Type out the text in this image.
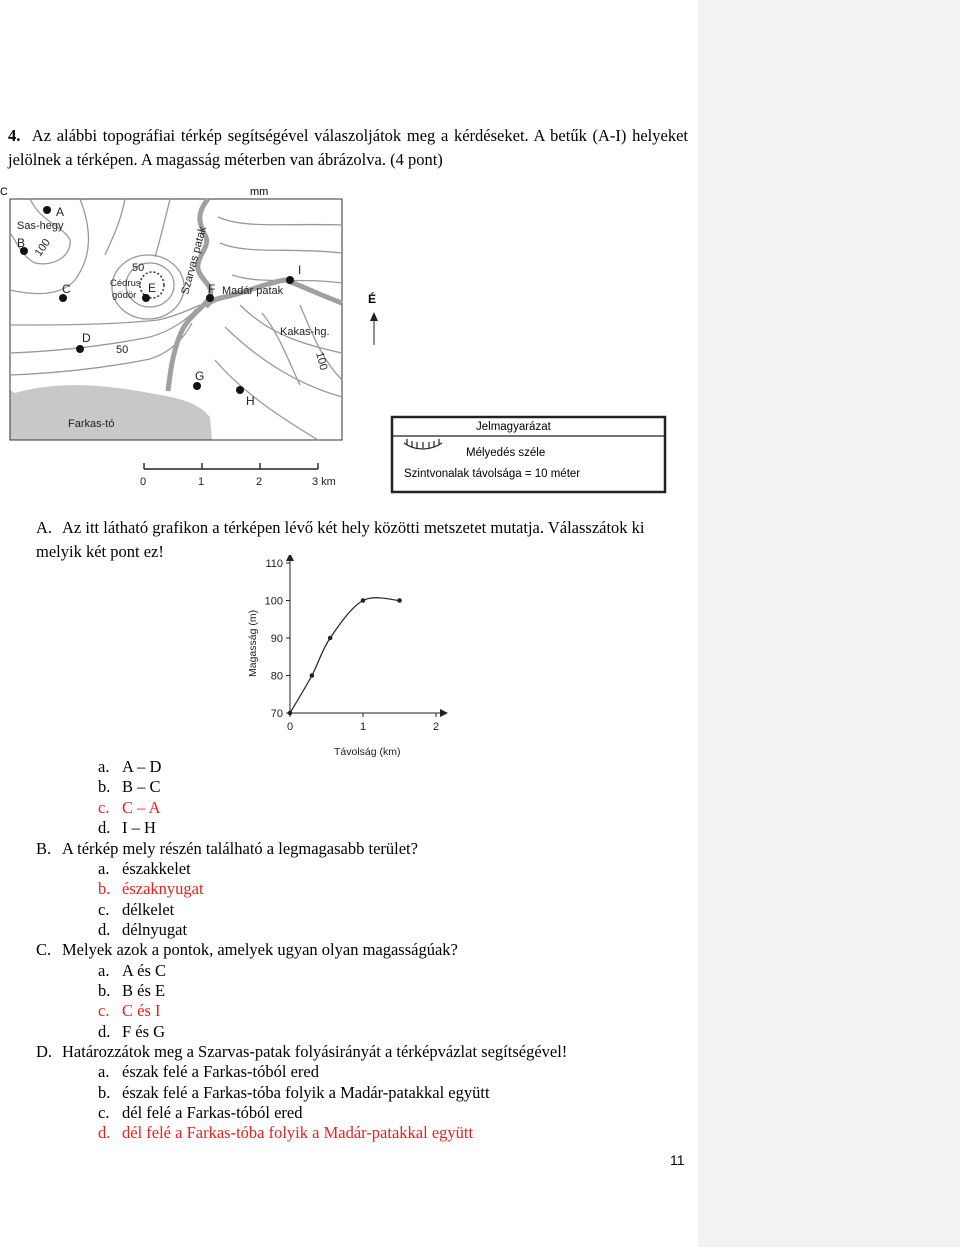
4. Az alábbi topográfiai térkép segítségével válaszoljátok meg a kérdéseket. A betűk (A-I) helyeket jelölnek a térképen. A magasság méterben van ábrázolva. (4 pont)
C	mm
A
B
C
D
E	F
G
H
I
Sas-hegy
Cédrus
gödör	Madár patak
Kakas-hg.
Farkas-tó
Szarvas patak
100
50
50
100
É
0	1	2	3 km
Jelmagyarázat
Mélyedés széle
Szintvonalak távolsága = 10 méter
A. Az itt látható grafikon a térképen lévő két hely közötti metszetet mutatja. Válasszátok ki melyik két pont ez!
70
80
90
100
110
0	1	2
Távolság (km)
Magasság (m)
a. A – D
b. B – C
c. C – A
d. I – H
B. A térkép mely részén található a legmagasabb terület?
a. északkelet
b. északnyugat
c. délkelet
d. délnyugat
C. Melyek azok a pontok, amelyek ugyan olyan magasságúak?
a. A és C
b. B és E
c. C és I
d. F és G
D. Határozzátok meg a Szarvas-patak folyásirányát a térképvázlat segítségével!
a. észak felé a Farkas-tóból ered
b. észak felé a Farkas-tóba folyik a Madár-patakkal együtt
c. dél felé a Farkas-tóból ered
d. dél felé a Farkas-tóba folyik a Madár-patakkal együtt
11
